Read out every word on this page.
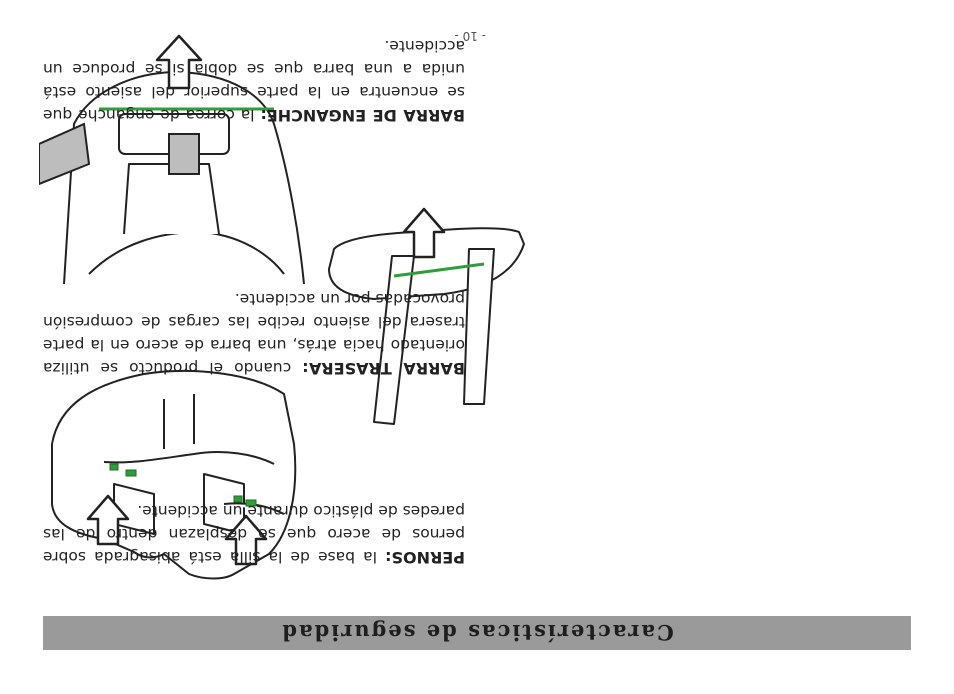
Características de seguridad

PERNOS: la base de la silla está abisagrada sobre pernos de acero que se desplazan dentro de las paredes de plástico durante un accidente.

BARRA TRASERA: cuando el producto se utiliza orientado hacia atrás, una barra de acero en la parte trasera del asiento recibe las cargas de compresión provocadas por un accidente.

BARRA DE ENGANCHE: la correa de enganche que se encuentra en la parte superior del asiento está unida a una barra que se dobla si se produce un accidente.

- 10 -
